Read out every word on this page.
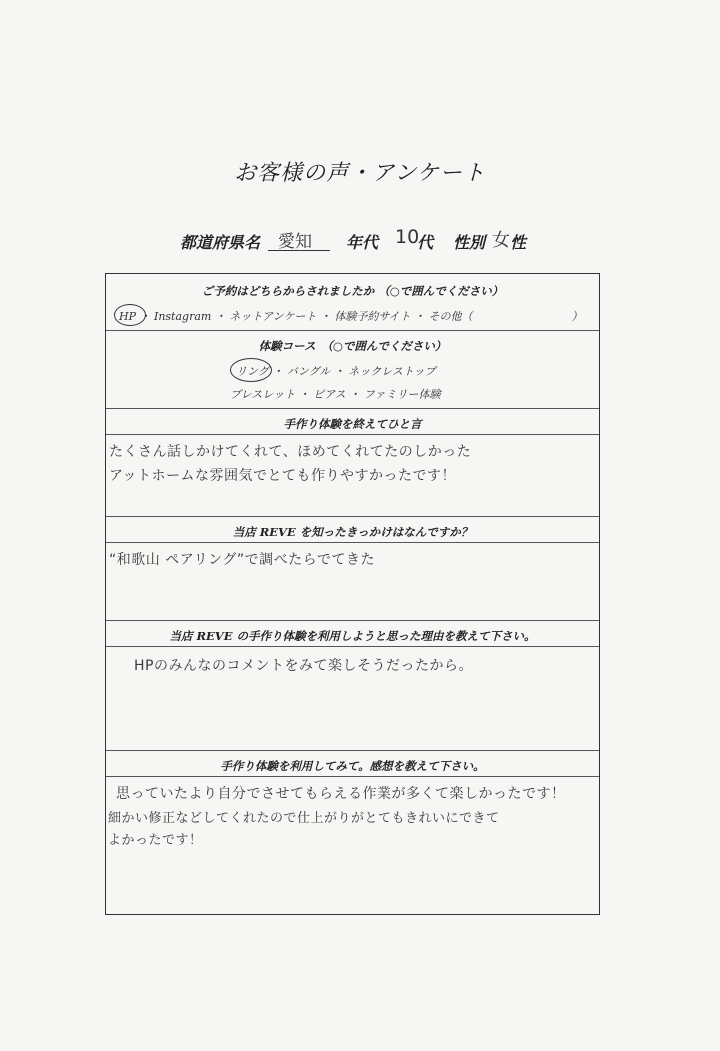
お客様の声・アンケート
都道府県名 愛知 年代 10
代 性別 女 性
ご予約はどちらからされましたか （○で囲んでください）
HP ・ Instagram ・ ネットアンケート ・ 体験予約サイト ・ その他（　　　　　　　　　）
体験コース　（○で囲んでください）
リング ・ バングル ・ ネックレストップ
ブレスレット ・ ピアス ・ ファミリー体験
手作り体験を終えてひと言
たくさん話しかけてくれて、ほめてくれてたのしかった
アットホームな雰囲気でとても作りやすかったです！
当店 REVE を知ったきっかけはなんですか？
“和歌山 ペアリング”で調べたらでてきた
当店 REVE の手作り体験を利用しようと思った理由を教えて下さい。
HPのみんなのコメントをみて楽しそうだったから。
手作り体験を利用してみて。感想を教えて下さい。
思っていたより自分でさせてもらえる作業が多くて楽しかったです！
細かい修正などしてくれたので仕上がりがとてもきれいにできて
よかったです！
